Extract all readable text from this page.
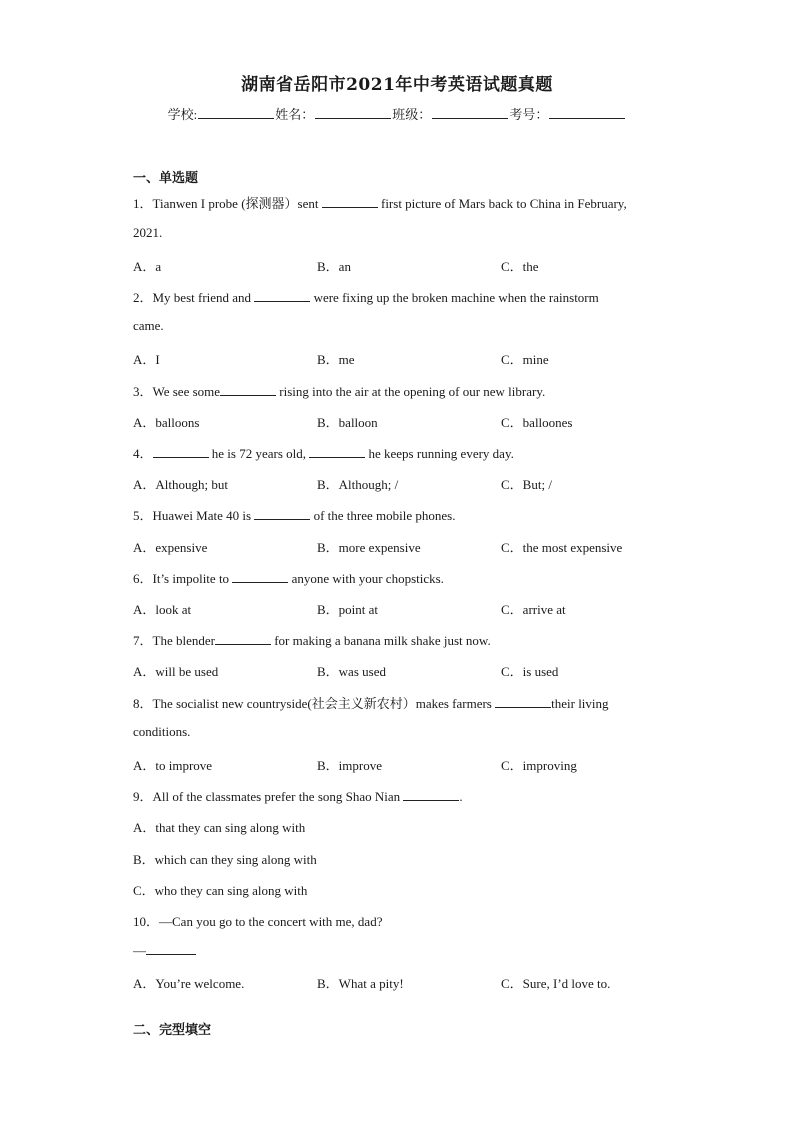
湖南省岳阳市2021年中考英语试题真题
学校:	姓名：	班级：	考号：
一、单选题
1．Tianwen I probe (探测器）sent	first picture of Mars back to China in February,
2021.
A．a	B．an	C．the
2．My best friend and	were fixing up the broken machine when the rainstorm
came.
A．I	B．me	C．mine
3．We see some	rising into the air at the opening of our new library.
A．balloons	B．balloon	C．balloones
4．	he is 72 years old,	he keeps running every day.
A．Although; but	B．Although; /	C．But; /
5．Huawei Mate 40 is	of the three mobile phones.
A．expensive	B．more expensive	C．the most expensive
6．It’s impolite to	anyone with your chopsticks.
A．look at	B．point at	C．arrive at
7．The blender	for making a banana milk shake just now.
A．will be used	B．was used	C．is used
8．The socialist new countryside(社会主义新农村）makes farmers	their living
conditions.
A．to improve	B．improve	C．improving
9．All of the classmates prefer the song Shao Nian	.
A．that they can sing along with
B．which can they sing along with
C．who they can sing along with
10．—Can you go to the concert with me, dad?
—
A．You’re welcome.	B．What a pity!	C．Sure, I’d love to.
二、完型填空
